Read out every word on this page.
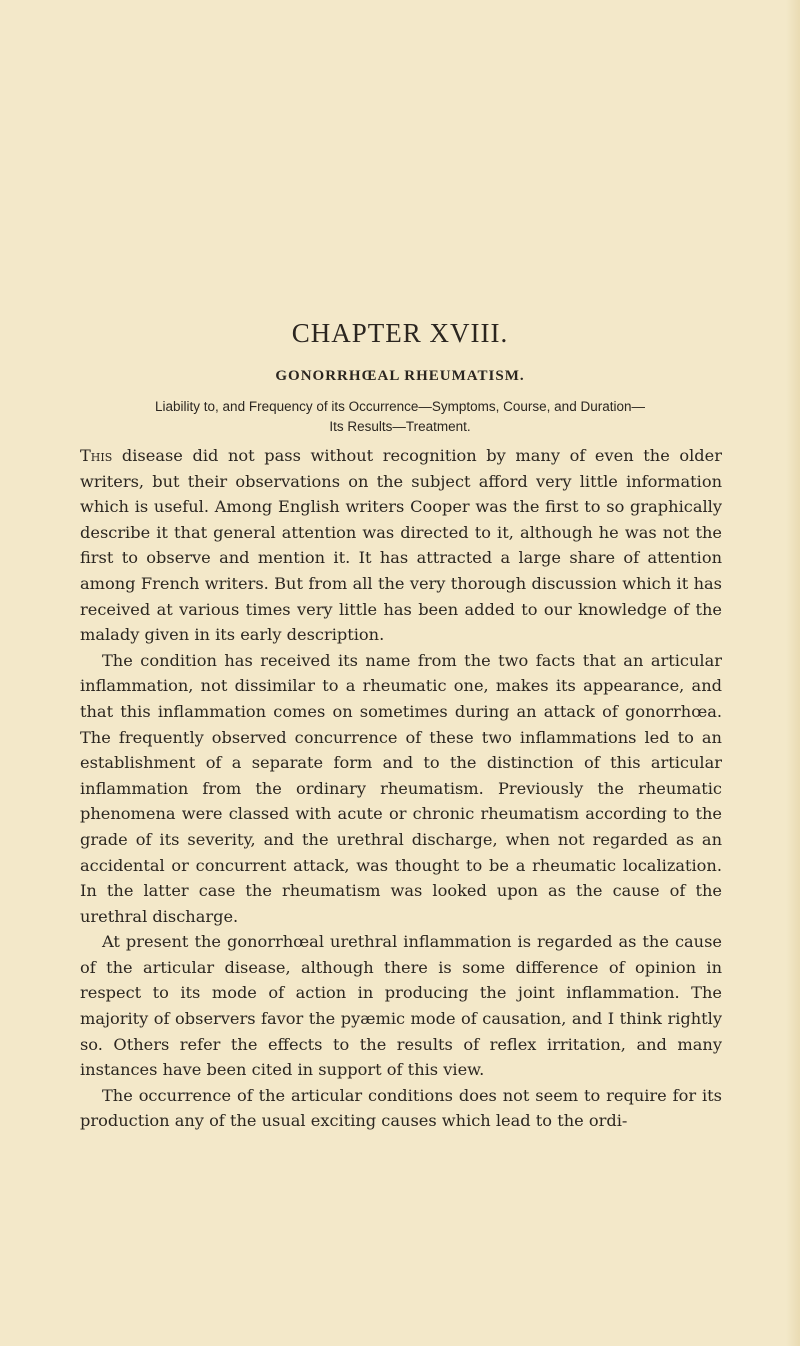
CHAPTER XVIII.
GONORRHŒAL RHEUMATISM.
Liability to, and Frequency of its Occurrence—Symptoms, Course, and Duration—
Its Results—Treatment.

This disease did not pass without recognition by many of even the older writers, but their observations on the subject afford very little information which is useful. Among English writers Cooper was the first to so graphically describe it that general attention was directed to it, although he was not the first to observe and mention it. It has attracted a large share of attention among French writers. But from all the very thorough discussion which it has received at various times very little has been added to our knowledge of the malady given in its early description.

The condition has received its name from the two facts that an articular inflammation, not dissimilar to a rheumatic one, makes its appearance, and that this inflammation comes on sometimes during an attack of gonorrhœa. The frequently observed concurrence of these two inflammations led to an establishment of a separate form and to the distinction of this articular inflammation from the ordinary rheumatism. Previously the rheumatic phenomena were classed with acute or chronic rheumatism according to the grade of its severity, and the urethral discharge, when not regarded as an accidental or concurrent attack, was thought to be a rheumatic localization. In the latter case the rheumatism was looked upon as the cause of the urethral discharge.

At present the gonorrhœal urethral inflammation is regarded as the cause of the articular disease, although there is some difference of opinion in respect to its mode of action in producing the joint inflammation. The majority of observers favor the pyæmic mode of causation, and I think rightly so. Others refer the effects to the results of reflex irritation, and many instances have been cited in support of this view.

The occurrence of the articular conditions does not seem to require for its production any of the usual exciting causes which lead to the ordi-
